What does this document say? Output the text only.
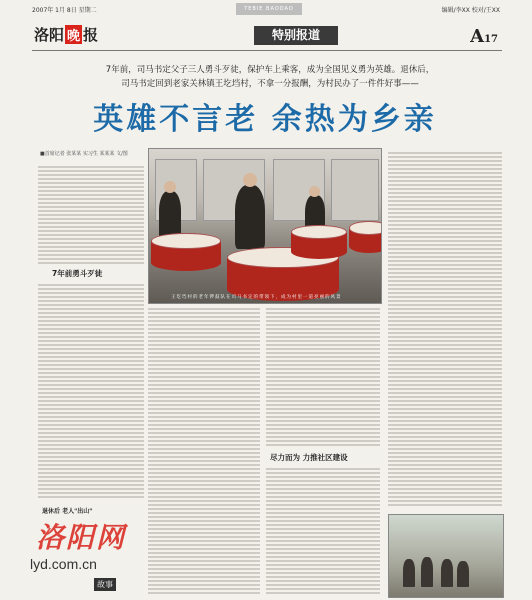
2007年 1月 8日 星期二	TEBIE BAODAO	编辑/李XX 校对/王XX
洛阳 晚 报	特别报道	A17
7年前，司马书定父子三人勇斗歹徒，保护车上乘客，成为全国见义勇为英雄。退休后，
司马书定回到老家关林镇王圪垱村，不拿一分报酬，为村民办了一件件好事——
英雄不言老 余热为乡亲
■首席记者 张某某 实习生 某某某 文/图
7年前勇斗歹徒
尽力而为 力推社区建设
王圪垱村的老年锣鼓队在司马书定的带领下，成为村里一道亮丽的风景
退休后 老人"出山"
洛阳网
lyd.com.cn
故事
